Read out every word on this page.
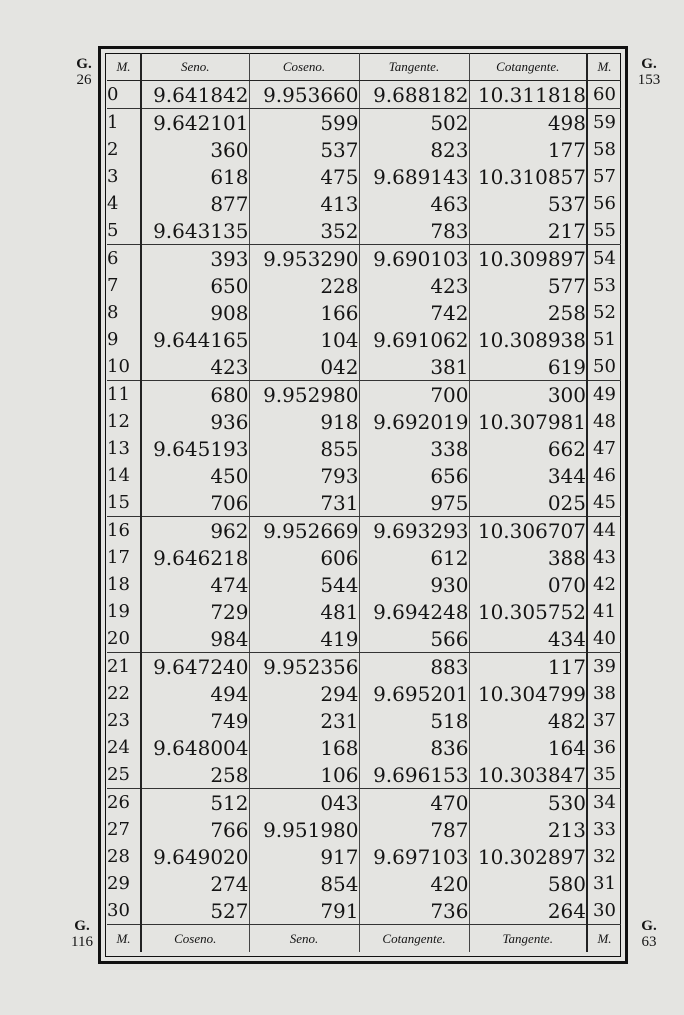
G.
26
G.
153
G.
116
G.
63
M.	Seno.	Coseno.	Tangente.	Cotangente.	M.
0	9.641842	9.953660	9.688182	10.311818	60
1	9.642101	599	502	498	59
2	360	537	823	177	58
3	618	475	9.689143	10.310857	57
4	877	413	463	537	56
5	9.643135	352	783	217	55
6	393	9.953290	9.690103	10.309897	54
7	650	228	423	577	53
8	908	166	742	258	52
9	9.644165	104	9.691062	10.308938	51
10	423	042	381	619	50
11	680	9.952980	700	300	49
12	936	918	9.692019	10.307981	48
13	9.645193	855	338	662	47
14	450	793	656	344	46
15	706	731	975	025	45
16	962	9.952669	9.693293	10.306707	44
17	9.646218	606	612	388	43
18	474	544	930	070	42
19	729	481	9.694248	10.305752	41
20	984	419	566	434	40
21	9.647240	9.952356	883	117	39
22	494	294	9.695201	10.304799	38
23	749	231	518	482	37
24	9.648004	168	836	164	36
25	258	106	9.696153	10.303847	35
26	512	043	470	530	34
27	766	9.951980	787	213	33
28	9.649020	917	9.697103	10.302897	32
29	274	854	420	580	31
30	527	791	736	264	30
M.	Coseno.	Seno.	Cotangente.	Tangente.	M.
